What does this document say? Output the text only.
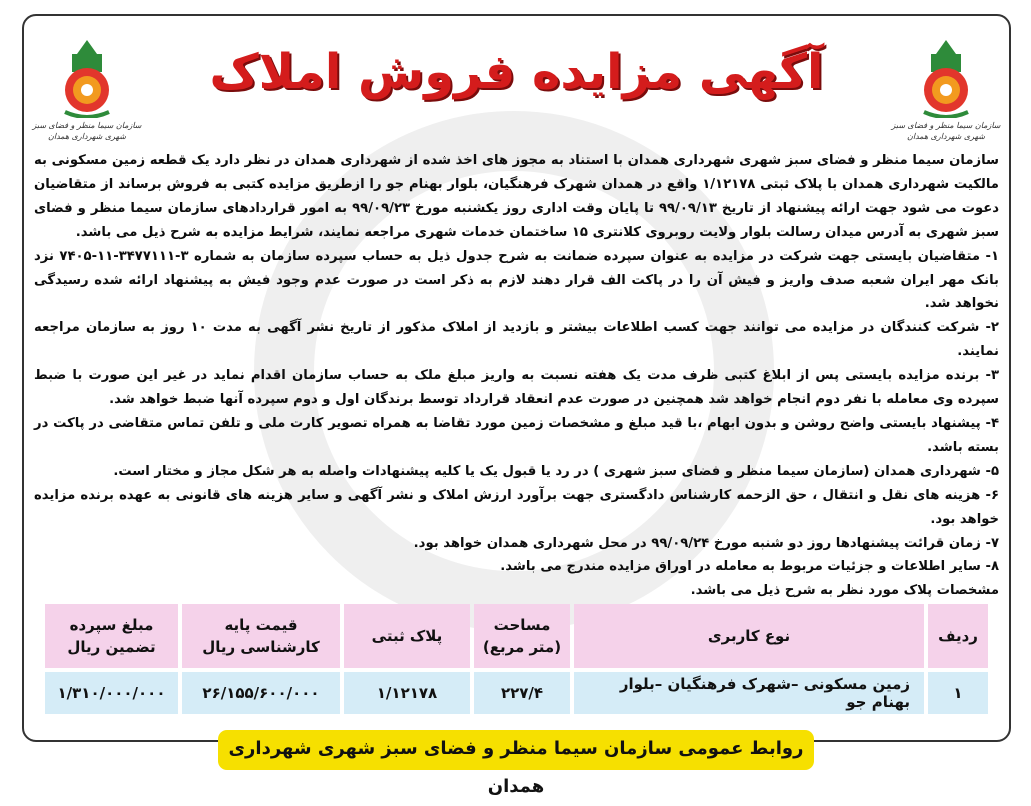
سازمان سیما منظر و فضای سبز شهری شهرداری همدان
سازمان سیما منظر و فضای سبز شهری شهرداری همدان
آگهی مزایده فروش املاک

سازمان سیما منظر و فضای سبز شهری شهرداری همدان با استناد به مجوز های اخذ شده از شهرداری همدان در نظر دارد یک قطعه زمین مسکونی به مالکیت شهرداری همدان با پلاک ثبتی ۱/۱۲۱۷۸ واقع در همدان شهرک فرهنگیان، بلوار بهنام جو را ازطریق مزایده کتبی به فروش برساند از متقاضیان دعوت می شود جهت ارائه پیشنهاد از تاریخ ۹۹/۰۹/۱۳ تا پایان وقت اداری روز یکشنبه مورخ ۹۹/۰۹/۲۳ به امور قراردادهای سازمان سیما منظر و فضای سبز شهری به آدرس میدان رسالت بلوار ولایت روبروی کلانتری ۱۵ ساختمان خدمات شهری مراجعه نمایند، شرایط مزایده به شرح ذیل می باشد.

۱- متقاضیان بایستی جهت شرکت در مزایده به عنوان سپرده ضمانت به شرح جدول ذیل به حساب سپرده سازمان به شماره ۳-۳۴۷۷۱۱۱-۱۱-۷۴۰۵ نزد بانک مهر ایران شعبه صدف واریز و فیش آن را در پاکت الف قرار دهند لازم به ذکر است در صورت عدم وجود فیش به پیشنهاد ارائه شده رسیدگی نخواهد شد.

۲- شرکت کنندگان در مزایده می توانند جهت کسب اطلاعات بیشتر و بازدید از املاک مذکور از تاریخ نشر آگهی به مدت ۱۰ روز به سازمان مراجعه نمایند.

۳- برنده مزایده بایستی پس از ابلاغ کتبی ظرف مدت یک هفته نسبت به واریز مبلغ ملک به حساب سازمان اقدام نماید در غیر این صورت با ضبط سپرده وی معامله با نفر دوم انجام خواهد شد همچنین در صورت عدم انعقاد قرارداد توسط برندگان اول و دوم سپرده آنها ضبط خواهد شد.

۴- پیشنهاد بایستی واضح روشن و بدون ابهام ،با قید مبلغ و مشخصات زمین مورد تقاضا به همراه تصویر کارت ملی و تلفن تماس متقاضی در پاکت در بسته باشد.

۵- شهرداری همدان (سازمان سیما منظر و فضای سبز شهری ) در رد یا قبول یک یا کلیه پیشنهادات واصله به هر شکل مجاز و مختار است.

۶- هزینه های نقل و انتقال ، حق الزحمه کارشناس دادگستری جهت برآورد ارزش املاک و نشر آگهی و سایر هزینه های قانونی به عهده برنده مزایده خواهد بود.

۷- زمان قرائت پیشنهادها روز دو شنبه مورخ ۹۹/۰۹/۲۴ در محل شهرداری همدان خواهد بود.

۸- سایر اطلاعات و جزئیات مربوط به معامله در اوراق مزایده مندرج می باشد.

مشخصات پلاک مورد نظر به شرح ذیل می باشد.

ردیف	نوع کاربری	مساحت (متر مربع)	پلاک ثبتی	قیمت پایه کارشناسی ریال	مبلغ سپرده تضمین ریال
۱	زمین مسکونی –شهرک فرهنگیان –بلوار بهنام جو	۲۲۷/۴	۱/۱۲۱۷۸	۲۶/۱۵۵/۶۰۰/۰۰۰	۱/۳۱۰/۰۰۰/۰۰۰
روابط عمومی سازمان سیما منظر و فضای سبز شهری شهرداری همدان
